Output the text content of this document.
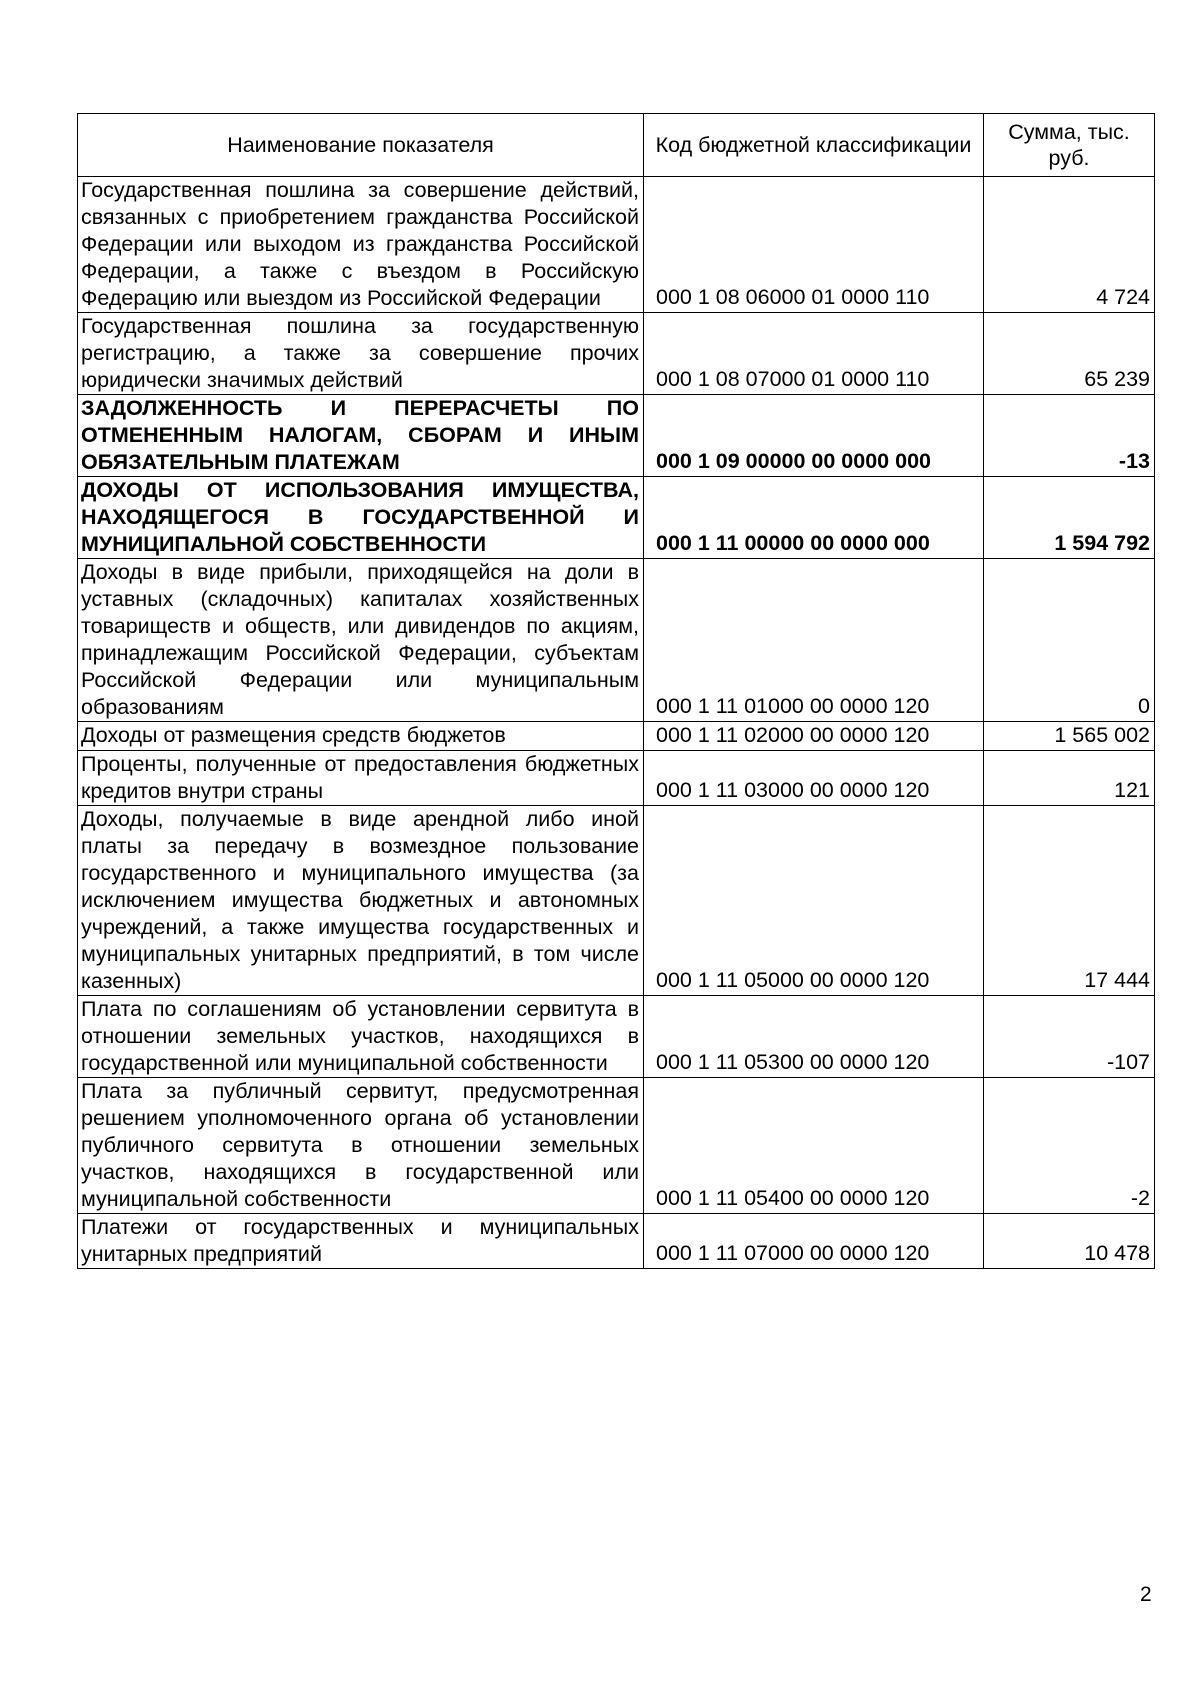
Наименование показателя	Код бюджетной классификации	Сумма, тыс. руб.
Государственная пошлина за совершение действий, связанных с приобретением гражданства Российской Федерации или выходом из гражданства Российской Федерации, а также с въездом в Российскую Федерацию или выездом из Российской Федерации	000 1 08 06000 01 0000 110	4 724
Государственная пошлина за государственную регистрацию, а также за совершение прочих юридически значимых действий	000 1 08 07000 01 0000 110	65 239
ЗАДОЛЖЕННОСТЬ И ПЕРЕРАСЧЕТЫ ПО ОТМЕНЕННЫМ НАЛОГАМ, СБОРАМ И ИНЫМ ОБЯЗАТЕЛЬНЫМ ПЛАТЕЖАМ	000 1 09 00000 00 0000 000	-13
ДОХОДЫ ОТ ИСПОЛЬЗОВАНИЯ ИМУЩЕСТВА, НАХОДЯЩЕГОСЯ В ГОСУДАРСТВЕННОЙ И МУНИЦИПАЛЬНОЙ СОБСТВЕННОСТИ	000 1 11 00000 00 0000 000	1 594 792
Доходы в виде прибыли, приходящейся на доли в уставных (складочных) капиталах хозяйственных товариществ и обществ, или дивидендов по акциям, принадлежащим Российской Федерации, субъектам Российской Федерации или муниципальным образованиям	000 1 11 01000 00 0000 120	0
Доходы от размещения средств бюджетов	000 1 11 02000 00 0000 120	1 565 002
Проценты, полученные от предоставления бюджетных кредитов внутри страны	000 1 11 03000 00 0000 120	121
Доходы, получаемые в виде арендной либо иной платы за передачу в возмездное пользование государственного и муниципального имущества (за исключением имущества бюджетных и автономных учреждений, а также имущества государственных и муниципальных унитарных предприятий, в том числе казенных)	000 1 11 05000 00 0000 120	17 444
Плата по соглашениям об установлении сервитута в отношении земельных участков, находящихся в государственной или муниципальной собственности	000 1 11 05300 00 0000 120	-107
Плата за публичный сервитут, предусмотренная решением уполномоченного органа об установлении публичного сервитута в отношении земельных участков, находящихся в государственной или муниципальной собственности	000 1 11 05400 00 0000 120	-2
Платежи от государственных и муниципальных унитарных предприятий	000 1 11 07000 00 0000 120	10 478
2
